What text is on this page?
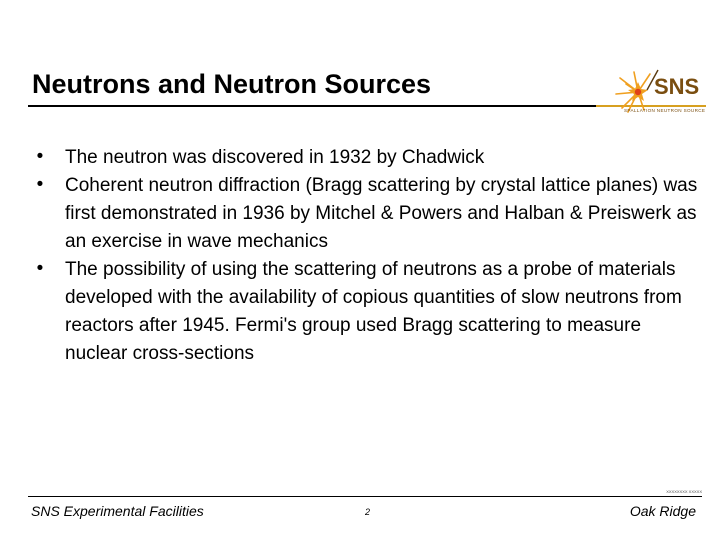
Neutrons and Neutron Sources	SNS
SPALLATION NEUTRON SOURCE
• The neutron was discovered in 1932 by Chadwick
• Coherent neutron diffraction (Bragg scattering by crystal lattice planes) was first demonstrated in 1936 by Mitchel & Powers and Halban & Preiswerk as an exercise in wave mechanics
• The possibility of using the scattering of neutrons as a probe of materials developed with the availability of copious quantities of slow neutrons from reactors after 1945. Fermi's group used Bragg scattering to measure nuclear cross-sections
XXXXXXXX XXXXX
SNS Experimental Facilities	2	Oak Ridge
